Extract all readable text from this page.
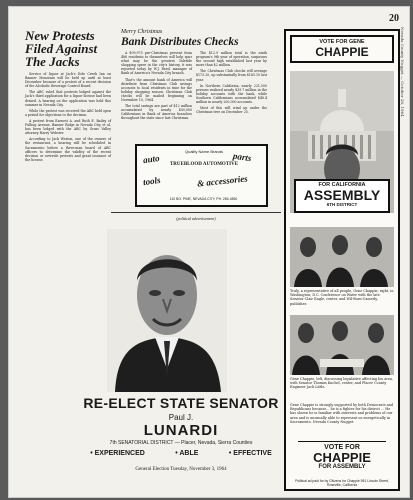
20
Nevada County Nugget — October 28, 1964
New Protests Filed Against The Jacks

Service of liquor at Jack's Dole Creek Inn on Banner Mountain will be held up until at least December because of a protest of a recent decision of the Alcoholic Beverage Control Board.

The ABC ruled that protests lodged against the Jack's third application for a liquor license had been denied. A hearing on the application was held this summer in Nevada City.

While the protest was received the ABC held open a period for objections to the decision.

A protest from Earnest A. and Ruth E. Bailey of Fulling Avenue, Banner Ridge in Nevada City, et al, has been lodged with the ABC by Grass Valley attorney Harry Webster.

According to Jack Weston, one of the owners of the restaurant, a hearing will be scheduled in Sacramento before a three-man board of ABC officers to determine the validity of the recent decision or overrule protests and grant issuance of the license.

Merry Christmas
Bank Distributes Checks

A $99,975 pre-Christmas present from 486 residents to themselves will help spur what may be the greatest Yuletide shopping spree in the city's history, it was reported today by W.J. Reed, manager of Bank of America's Nevada City branch.

That's the amount bank of America will distribute from Christmas Club savings accounts to local residents in time for the holiday shopping season. Christmas Club checks will be mailed beginning on November 15, 1964.

The total savings are part of $12 million accumulated by nearly 400,000 Californians in Bank of America branches throughout the state since last Christmas.

The $12.9 million total is the ninth program's 9th year of operation, surpasses the second high established last year by more than $2 million.

The Christmas Club checks will average $175.20, up substantially from $165.10 last year.

In Northern California, nearly 221,500 persons realized nearly $39.7 million in the holiday accounts with the bank, while Southern Californians accumulated $48.4 million in nearly 200,000 accounts.

Most of this will wind up under the Christmas tree on December 25.

auto	parts
tools	& accessories
Quality Name Brands
TRUEBLOOD AUTOMOTIVE
110 BO. PINE, NEVADA CITY, PH. 265-4550
(political advertisement)
RE-ELECT STATE SENATOR
Paul J.
LUNARDI
7th SENATORIAL DISTRICT — Placer, Nevada, Sierra Counties
• EXPERIENCED	• ABLE	• EFFECTIVE
General Election Tuesday, November 3, 1964
VOTE FOR GENE
CHAPPIE
FOR CALIFORNIA
ASSEMBLY
6TH DISTRICT
Truly, a representative of all people, Gene Chappie, right, in Washington, D.C. Conference on Water with the late Senator Clair Engle, center, and Wil-Born-Camerly, publisher.
Gene Chappie, left, discussing legislative affecting his area, with Senator Thomas Kuchel, center, and Placer County Engineer Jack Little.
Gene Chappie is strongly supported by both Democrats and Republicans because... he is a fighter for his district ... He has shown he is familiar with interests and problems of our area and is unusually able to represent us energetically in Sacramento. Nevada County Nugget.
VOTE FOR
CHAPPIE
FOR ASSEMBLY
Political ad paid for by Citizens for Chappie 951 Lincoln Street, Roseville, California
